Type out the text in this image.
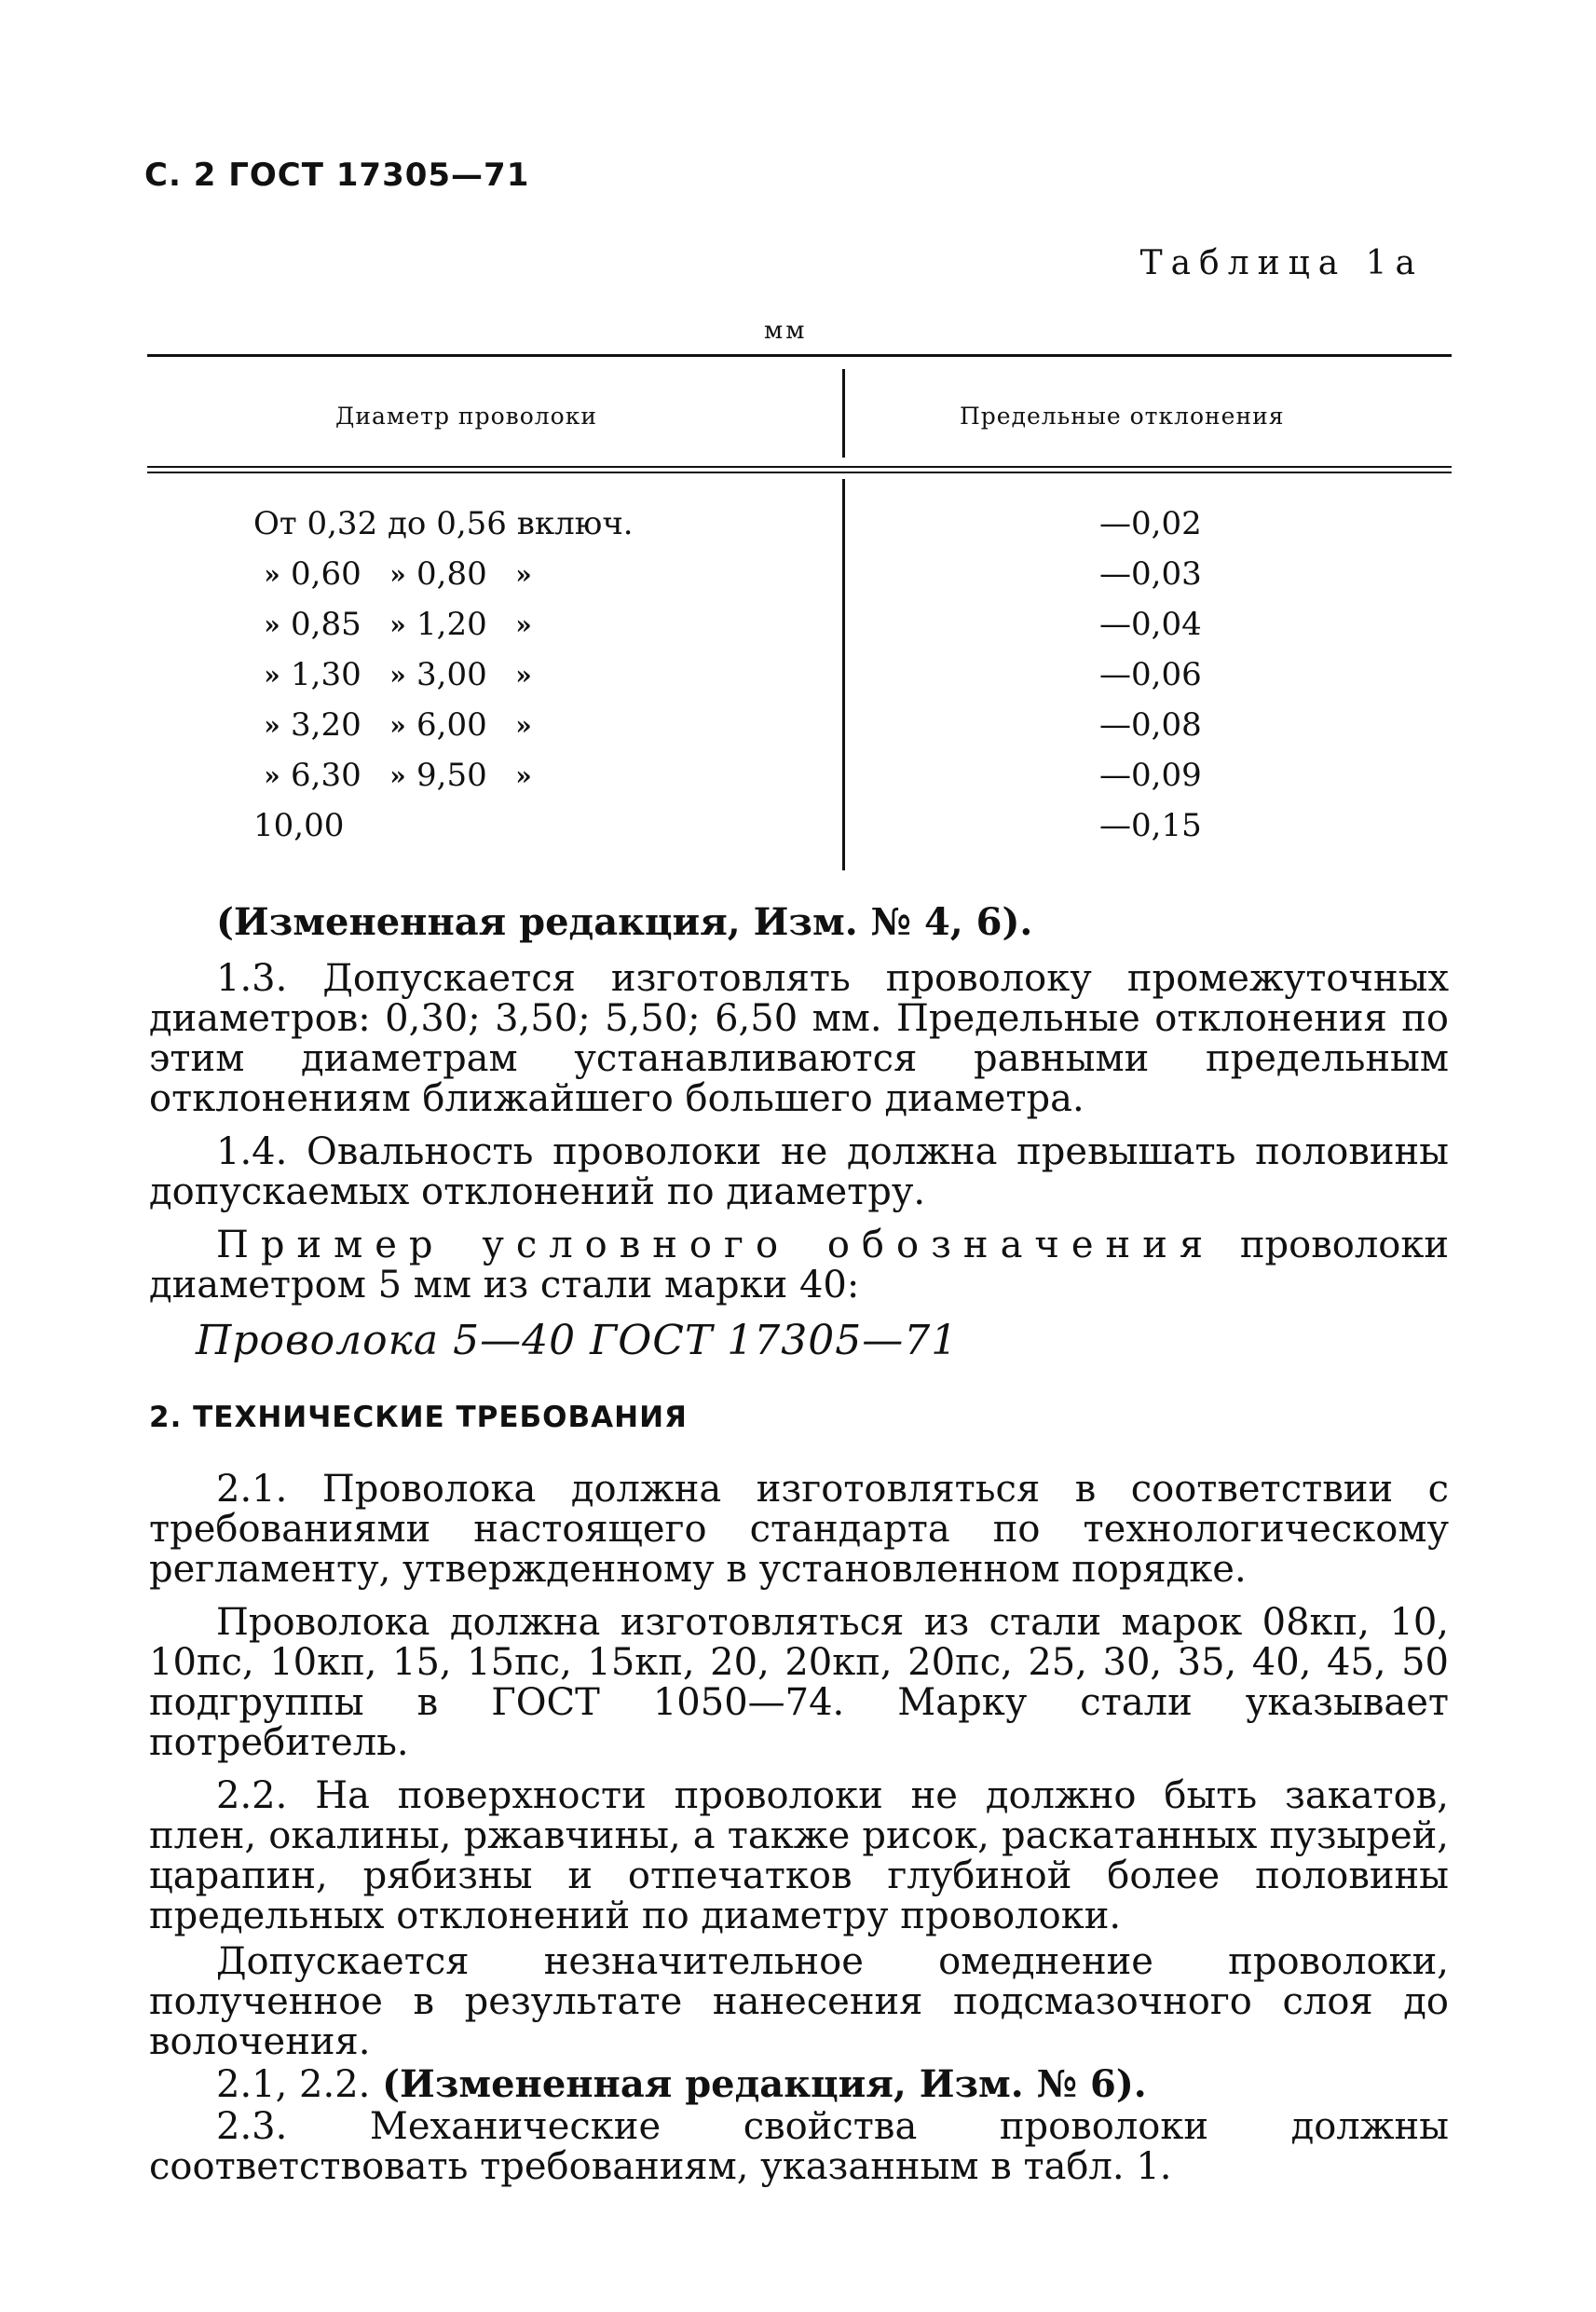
С. 2 ГОСТ 17305—71
Таблица 1а
мм
Диаметр проволоки	Предельные отклонения
От 0,32 до 0,56 включ.	—0,02
» 0,60	» 0,80	»	—0,03
» 0,85	» 1,20	»	—0,04
» 1,30	» 3,00	»	—0,06
» 3,20	» 6,00	»	—0,08
» 6,30	» 9,50	»	—0,09
10,00	—0,15

(Измененная редакция, Изм. № 4, 6).

1.3. Допускается изготовлять проволоку промежуточных диаметров: 0,30; 3,50; 5,50; 6,50 мм. Предельные отклонения по этим диаметрам устанавливаются равными предельным отклонениям ближайшего большего диаметра.

1.4. Овальность проволоки не должна превышать половины допускаемых отклонений по диаметру.

Пример условного обозначения проволоки диаметром 5 мм из стали марки 40:

Проволока 5—40 ГОСТ 17305—71

2. ТЕХНИЧЕСКИЕ ТРЕБОВАНИЯ

2.1. Проволока должна изготовляться в соответствии с требованиями настоящего стандарта по технологическому регламенту, утвержденному в установленном порядке.

Проволока должна изготовляться из стали марок 08кп, 10, 10пс, 10кп, 15, 15пс, 15кп, 20, 20кп, 20пс, 25, 30, 35, 40, 45, 50 подгруппы в ГОСТ 1050—74. Марку стали указывает потребитель.

2.2. На поверхности проволоки не должно быть закатов, плен, окалины, ржавчины, а также рисок, раскатанных пузырей, царапин, рябизны и отпечатков глубиной более половины предельных отклонений по диаметру проволоки.

Допускается незначительное омеднение проволоки, полученное в результате нанесения подсмазочного слоя до волочения.

2.1, 2.2. (Измененная редакция, Изм. № 6).

2.3. Механические свойства проволоки должны соответствовать требованиям, указанным в табл. 1.
